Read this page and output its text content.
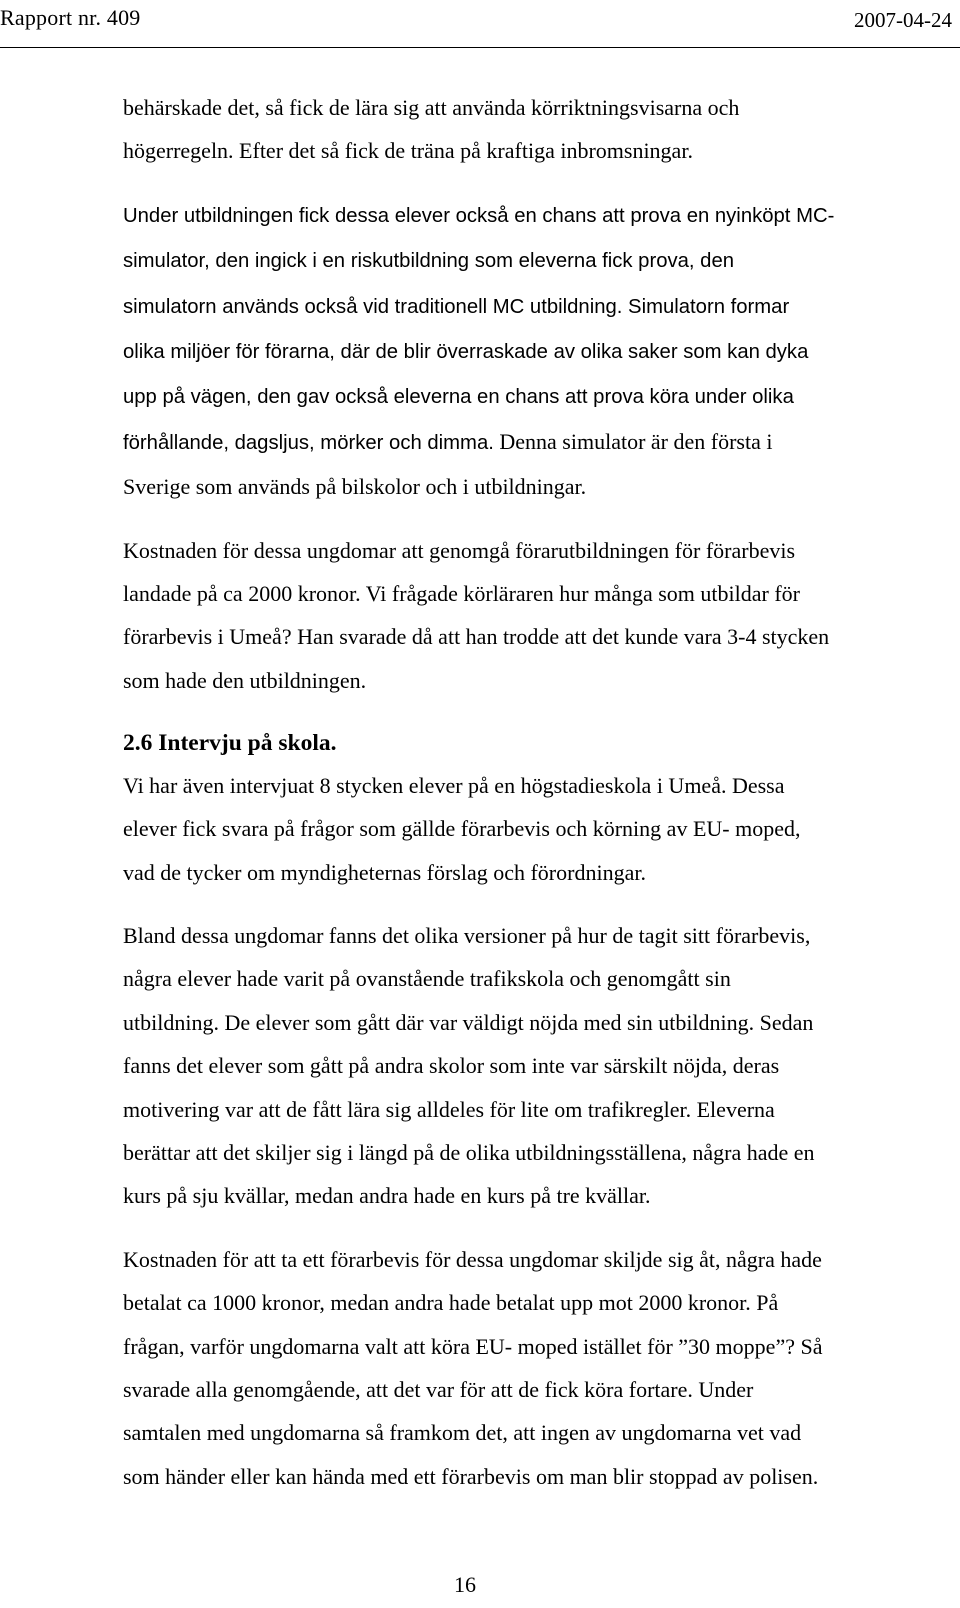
Rapport nr. 409	2007-04-24
behärskade det, så fick de lära sig att använda körriktningsvisarna och
högerregeln. Efter det så fick de träna på kraftiga inbromsningar.
Under utbildningen fick dessa elever också en chans att prova en nyinköpt MC-
simulator, den ingick i en riskutbildning som eleverna fick prova, den
simulatorn används också vid traditionell MC utbildning. Simulatorn formar
olika miljöer för förarna, där de blir överraskade av olika saker som kan dyka
upp på vägen, den gav också eleverna en chans att prova köra under olika
förhållande, dagsljus, mörker och dimma. Denna simulator är den första i
Sverige som används på bilskolor och i utbildningar.
Kostnaden för dessa ungdomar att genomgå förarutbildningen för förarbevis
landade på ca 2000 kronor. Vi frågade körläraren hur många som utbildar för
förarbevis i Umeå? Han svarade då att han trodde att det kunde vara 3-4 stycken
som hade den utbildningen.
2.6 Intervju på skola.
Vi har även intervjuat 8 stycken elever på en högstadieskola i Umeå. Dessa
elever fick svara på frågor som gällde förarbevis och körning av EU- moped,
vad de tycker om myndigheternas förslag och förordningar.
Bland dessa ungdomar fanns det olika versioner på hur de tagit sitt förarbevis,
några elever hade varit på ovanstående trafikskola och genomgått sin
utbildning. De elever som gått där var väldigt nöjda med sin utbildning. Sedan
fanns det elever som gått på andra skolor som inte var särskilt nöjda, deras
motivering var att de fått lära sig alldeles för lite om trafikregler. Eleverna
berättar att det skiljer sig i längd på de olika utbildningsställena, några hade en
kurs på sju kvällar, medan andra hade en kurs på tre kvällar.
Kostnaden för att ta ett förarbevis för dessa ungdomar skiljde sig åt, några hade
betalat ca 1000 kronor, medan andra hade betalat upp mot 2000 kronor. På
frågan, varför ungdomarna valt att köra EU- moped istället för ”30 moppe”? Så
svarade alla genomgående, att det var för att de fick köra fortare. Under
samtalen med ungdomarna så framkom det, att ingen av ungdomarna vet vad
som händer eller kan hända med ett förarbevis om man blir stoppad av polisen.
16
